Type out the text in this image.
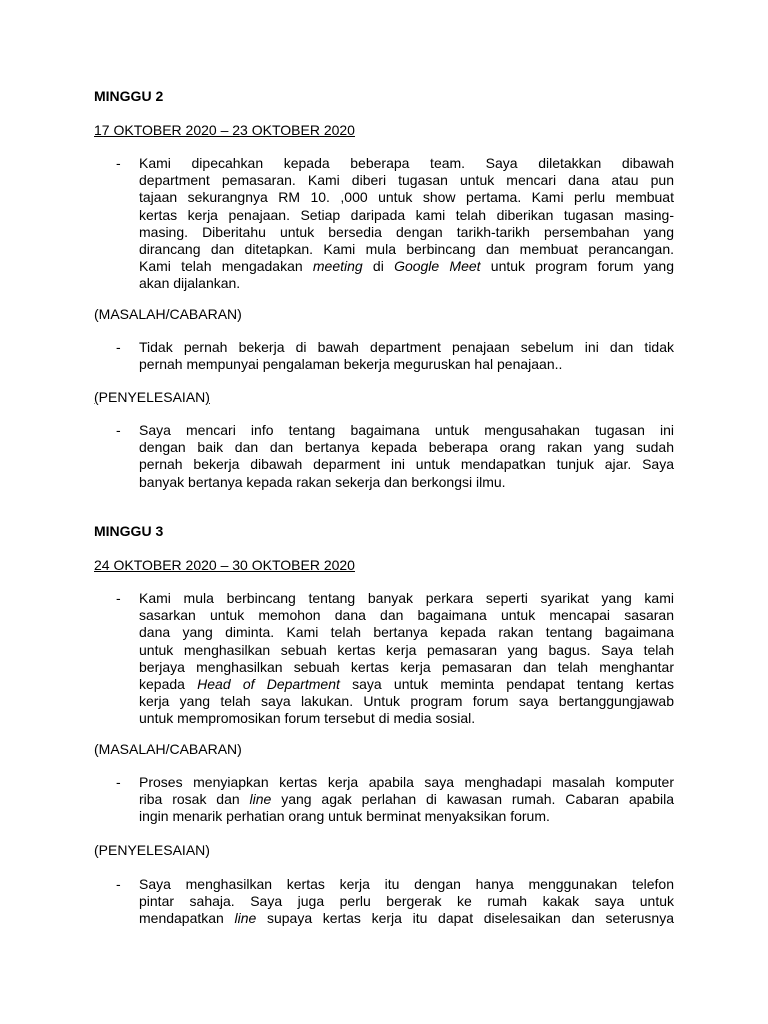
MINGGU 2
17 OKTOBER 2020 – 23 OKTOBER 2020
- Kami dipecahkan kepada beberapa team. Saya diletakkan dibawah
department pemasaran. Kami diberi tugasan untuk mencari dana atau pun
tajaan sekurangnya RM 10. ,000 untuk show pertama. Kami perlu membuat
kertas kerja penajaan. Setiap daripada kami telah diberikan tugasan masing-
masing. Diberitahu untuk bersedia dengan tarikh-tarikh persembahan yang
dirancang dan ditetapkan. Kami mula berbincang dan membuat perancangan.
Kami telah mengadakan meeting di Google Meet untuk program forum yang
akan dijalankan.
(MASALAH/CABARAN)
- Tidak pernah bekerja di bawah department penajaan sebelum ini dan tidak
pernah mempunyai pengalaman bekerja meguruskan hal penajaan..
(PENYELESAIAN)
- Saya mencari info tentang bagaimana untuk mengusahakan tugasan ini
dengan baik dan dan bertanya kepada beberapa orang rakan yang sudah
pernah bekerja dibawah deparment ini untuk mendapatkan tunjuk ajar. Saya
banyak bertanya kepada rakan sekerja dan berkongsi ilmu.
MINGGU 3
24 OKTOBER 2020 – 30 OKTOBER 2020
- Kami mula berbincang tentang banyak perkara seperti syarikat yang kami
sasarkan untuk memohon dana dan bagaimana untuk mencapai sasaran
dana yang diminta. Kami telah bertanya kepada rakan tentang bagaimana
untuk menghasilkan sebuah kertas kerja pemasaran yang bagus. Saya telah
berjaya menghasilkan sebuah kertas kerja pemasaran dan telah menghantar
kepada Head of Department saya untuk meminta pendapat tentang kertas
kerja yang telah saya lakukan. Untuk program forum saya bertanggungjawab
untuk mempromosikan forum tersebut di media sosial.
(MASALAH/CABARAN)
- Proses menyiapkan kertas kerja apabila saya menghadapi masalah komputer
riba rosak dan line yang agak perlahan di kawasan rumah. Cabaran apabila
ingin menarik perhatian orang untuk berminat menyaksikan forum.
(PENYELESAIAN)
- Saya menghasilkan kertas kerja itu dengan hanya menggunakan telefon
pintar sahaja. Saya juga perlu bergerak ke rumah kakak saya untuk
mendapatkan line supaya kertas kerja itu dapat diselesaikan dan seterusnya
